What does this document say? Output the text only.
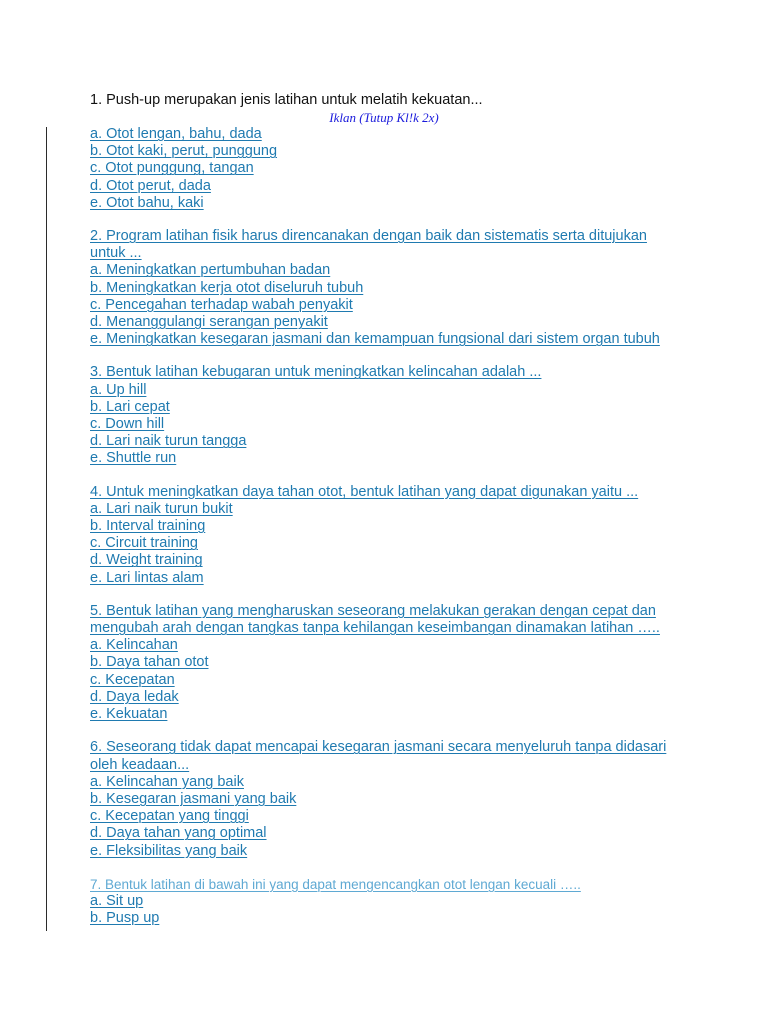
1. Push-up merupakan jenis latihan untuk melatih kekuatan...
Iklan (Tutup Kl!k 2x)
a. Otot lengan, bahu, dada
b. Otot kaki, perut, punggung
c. Otot punggung, tangan
d. Otot perut, dada
e. Otot bahu, kaki
2. Program latihan fisik harus direncanakan dengan baik dan sistematis serta ditujukan
untuk ...
a. Meningkatkan pertumbuhan badan
b. Meningkatkan kerja otot diseluruh tubuh
c. Pencegahan terhadap wabah penyakit
d. Menanggulangi serangan penyakit
e. Meningkatkan kesegaran jasmani dan kemampuan fungsional dari sistem organ tubuh
3. Bentuk latihan kebugaran untuk meningkatkan kelincahan adalah ...
a. Up hill
b. Lari cepat
c. Down hill
d. Lari naik turun tangga
e. Shuttle run
4. Untuk meningkatkan daya tahan otot, bentuk latihan yang dapat digunakan yaitu ...
a. Lari naik turun bukit
b. Interval training
c. Circuit training
d. Weight training
e. Lari lintas alam
5. Bentuk latihan yang mengharuskan seseorang melakukan gerakan dengan cepat dan
mengubah arah dengan tangkas tanpa kehilangan keseimbangan dinamakan latihan …..
a. Kelincahan
b. Daya tahan otot
c. Kecepatan
d. Daya ledak
e. Kekuatan
6. Seseorang tidak dapat mencapai kesegaran jasmani secara menyeluruh tanpa didasari
oleh keadaan...
a. Kelincahan yang baik
b. Kesegaran jasmani yang baik
c. Kecepatan yang tinggi
d. Daya tahan yang optimal
e. Fleksibilitas yang baik
7. Bentuk latihan di bawah ini yang dapat mengencangkan otot lengan kecuali …..
a. Sit up
b. Pusp up
